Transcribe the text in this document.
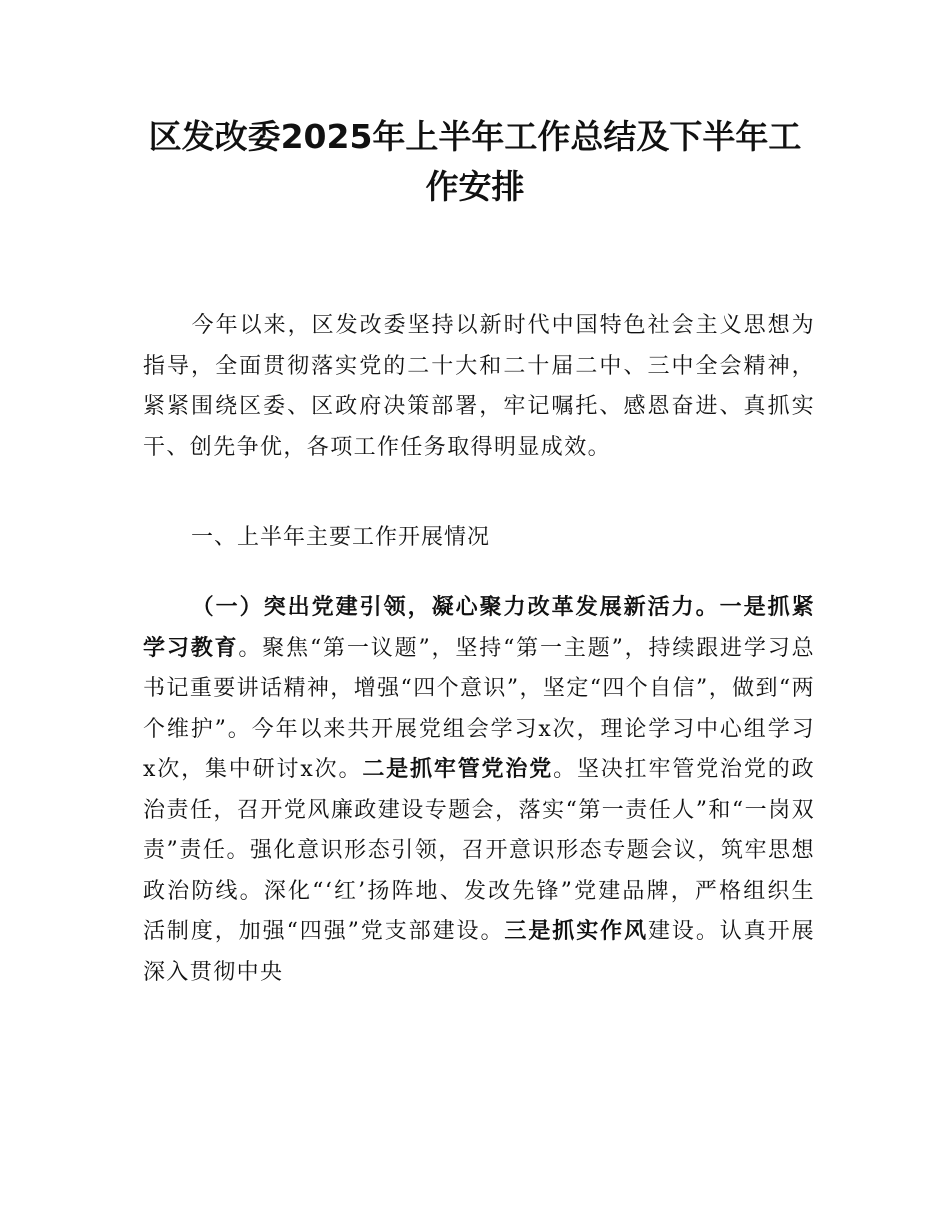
区发改委2025年上半年工作总结及下半年工
作安排

今年以来，区发改委坚持以新时代中国特色社会主义思想为指导，全面贯彻落实党的二十大和二十届二中、三中全会精神，紧紧围绕区委、区政府决策部署，牢记嘱托、感恩奋进、真抓实干、创先争优，各项工作任务取得明显成效。

一、上半年主要工作开展情况

（一）突出党建引领，凝心聚力改革发展新活力。一是抓紧学习教育。聚焦“第一议题”，坚持“第一主题”，持续跟进学习总书记重要讲话精神，增强“四个意识”，坚定“四个自信”，做到“两个维护”。今年以来共开展党组会学习x次，理论学习中心组学习x次，集中研讨x次。二是抓牢管党治党。坚决扛牢管党治党的政治责任，召开党风廉政建设专题会，落实“第一责任人”和“一岗双责”责任。强化意识形态引领，召开意识形态专题会议，筑牢思想政治防线。深化“‘红’扬阵地、发改先锋”党建品牌，严格组织生活制度，加强“四强”党支部建设。三是抓实作风建设。认真开展深入贯彻中央
